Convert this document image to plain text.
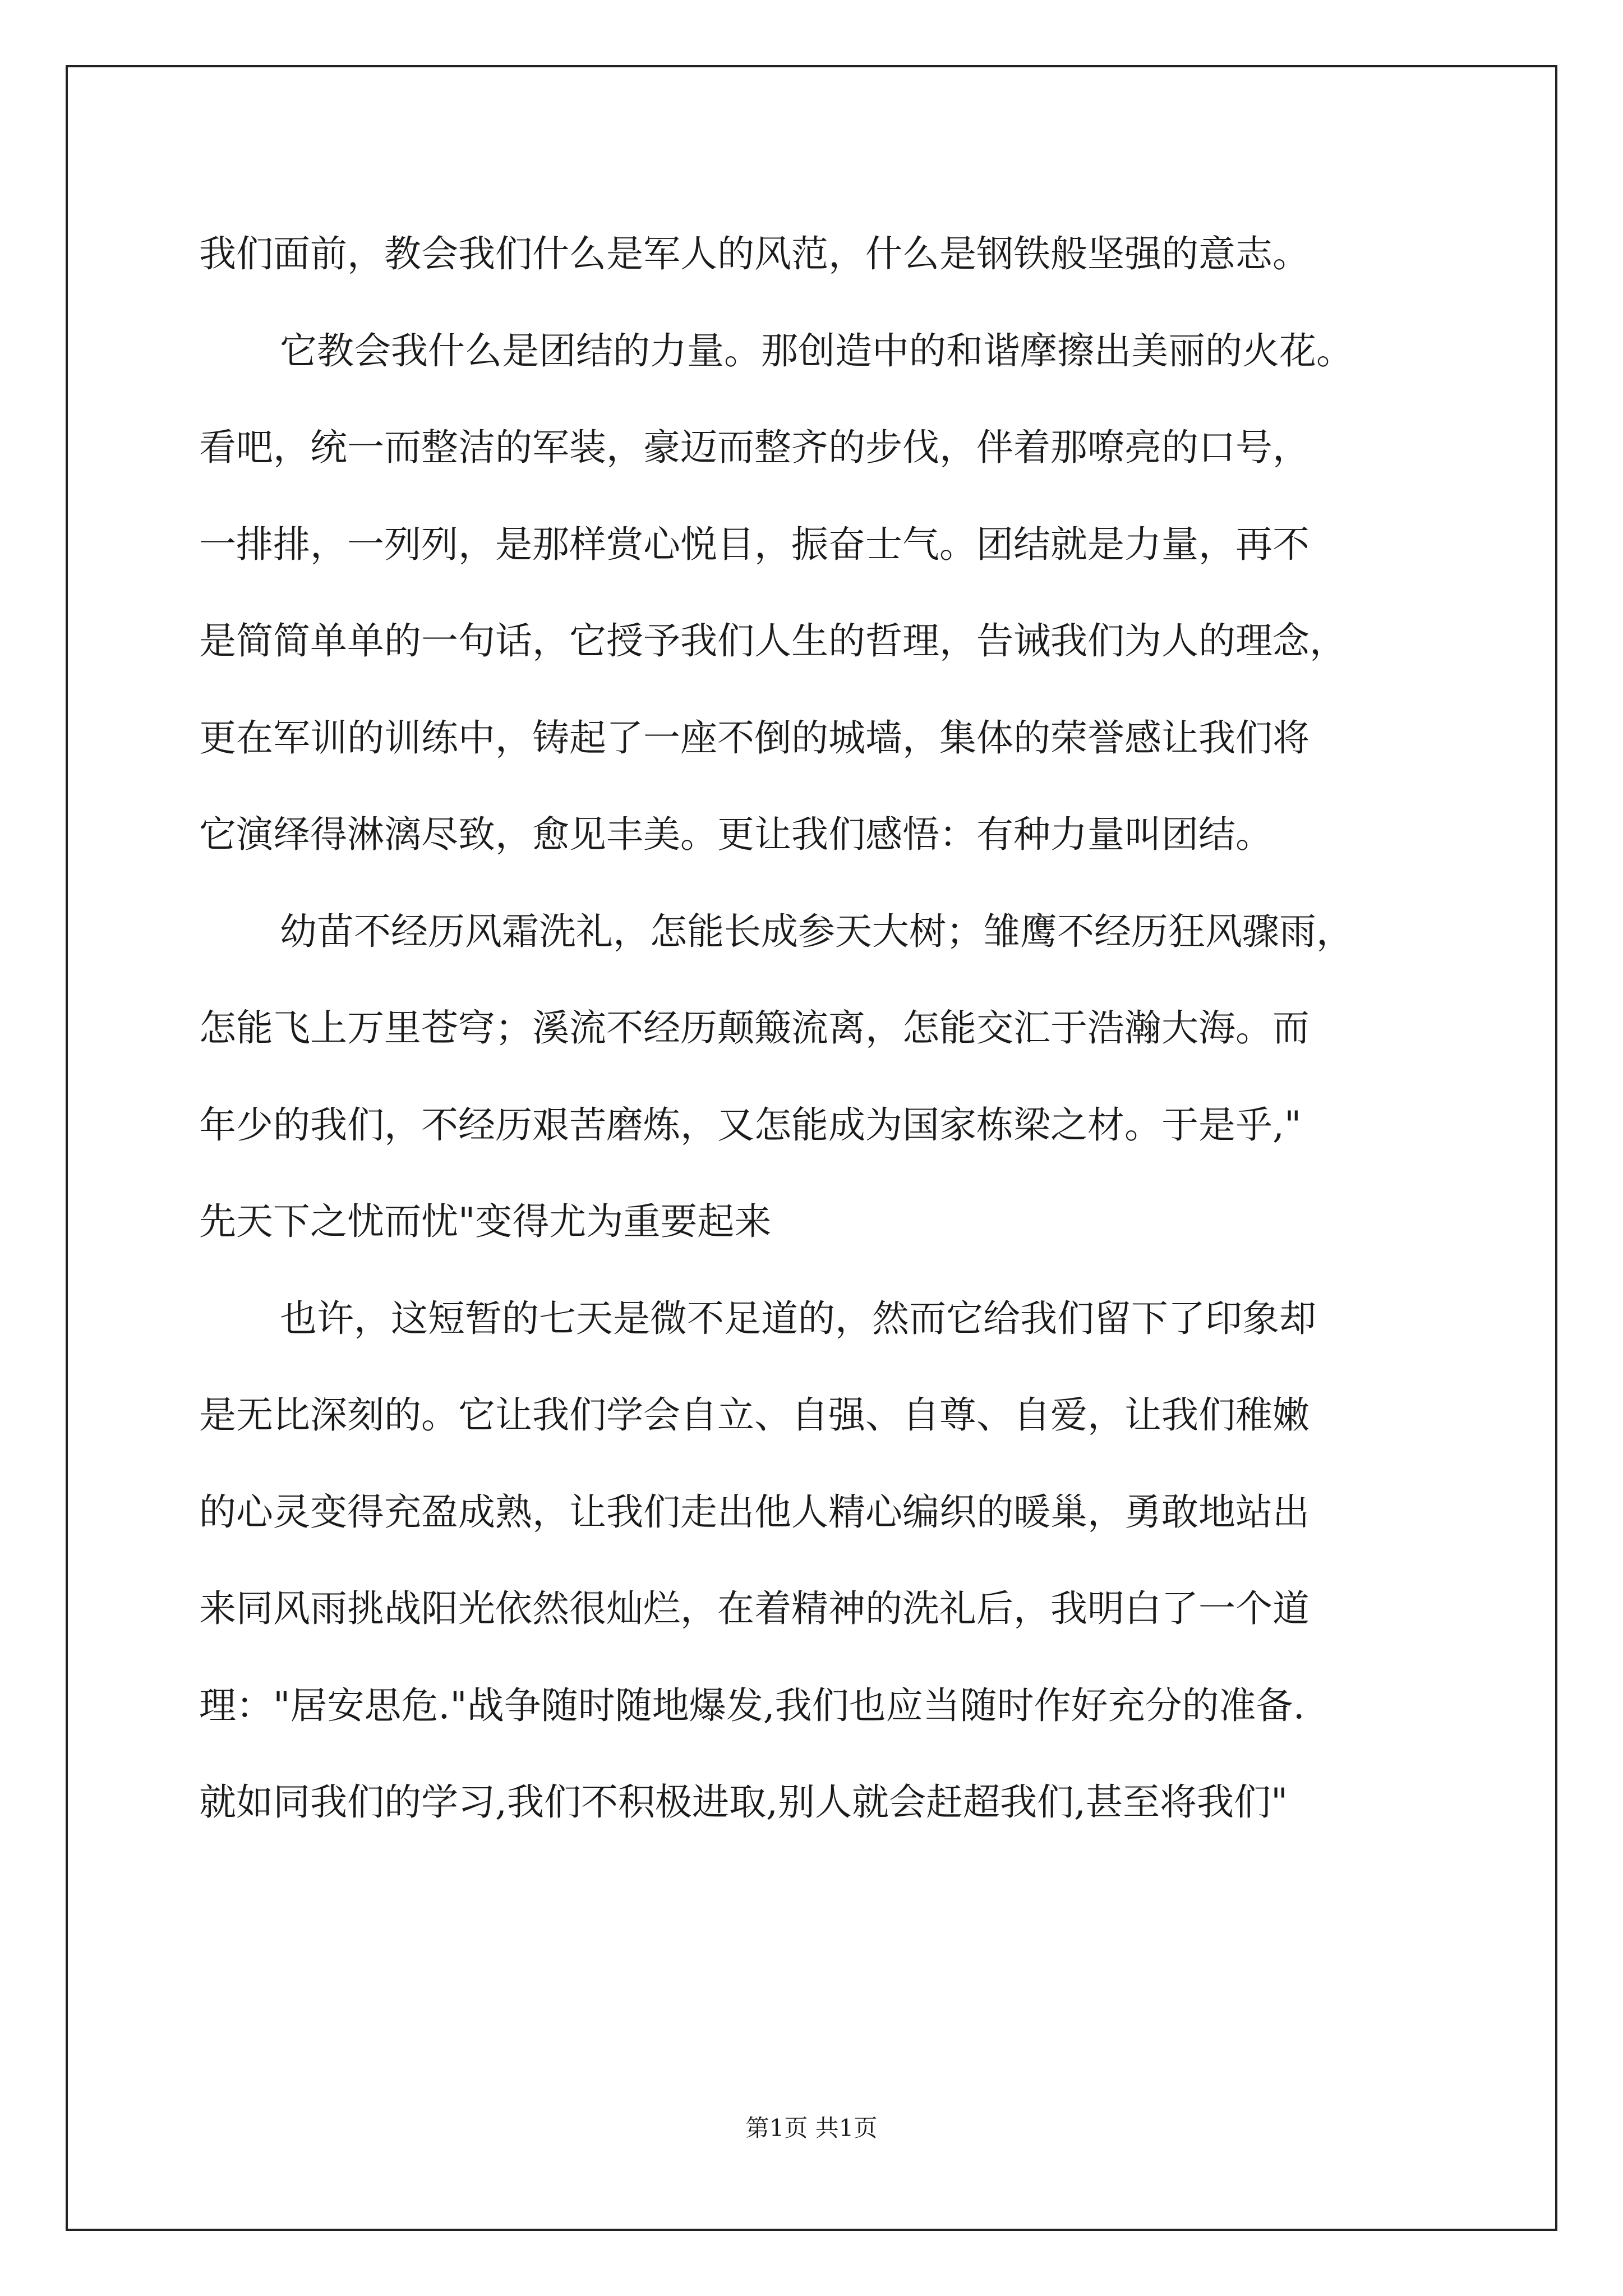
我们面前，教会我们什么是军人的风范，什么是钢铁般坚强的意志。
它教会我什么是团结的力量。那创造中的和谐摩擦出美丽的火花。
看吧，统一而整洁的军装，豪迈而整齐的步伐，伴着那嘹亮的口号，
一排排，一列列，是那样赏心悦目，振奋士气。团结就是力量，再不
是简简单单的一句话，它授予我们人生的哲理，告诫我们为人的理念，
更在军训的训练中，铸起了一座不倒的城墙，集体的荣誉感让我们将
它演绎得淋漓尽致，愈见丰美。更让我们感悟：有种力量叫团结。
幼苗不经历风霜洗礼，怎能长成参天大树；雏鹰不经历狂风骤雨，
怎能飞上万里苍穹；溪流不经历颠簸流离，怎能交汇于浩瀚大海。而
年少的我们，不经历艰苦磨炼，又怎能成为国家栋梁之材。于是乎,"
先天下之忧而忧"变得尤为重要起来
也许，这短暂的七天是微不足道的，然而它给我们留下了印象却
是无比深刻的。它让我们学会自立、自强、自尊、自爱，让我们稚嫩
的心灵变得充盈成熟，让我们走出他人精心编织的暖巢，勇敢地站出
来同风雨挑战阳光依然很灿烂，在着精神的洗礼后，我明白了一个道
理："居安思危."战争随时随地爆发,我们也应当随时作好充分的准备.
就如同我们的学习,我们不积极进取,别人就会赶超我们,甚至将我们"
第1页 共1页
